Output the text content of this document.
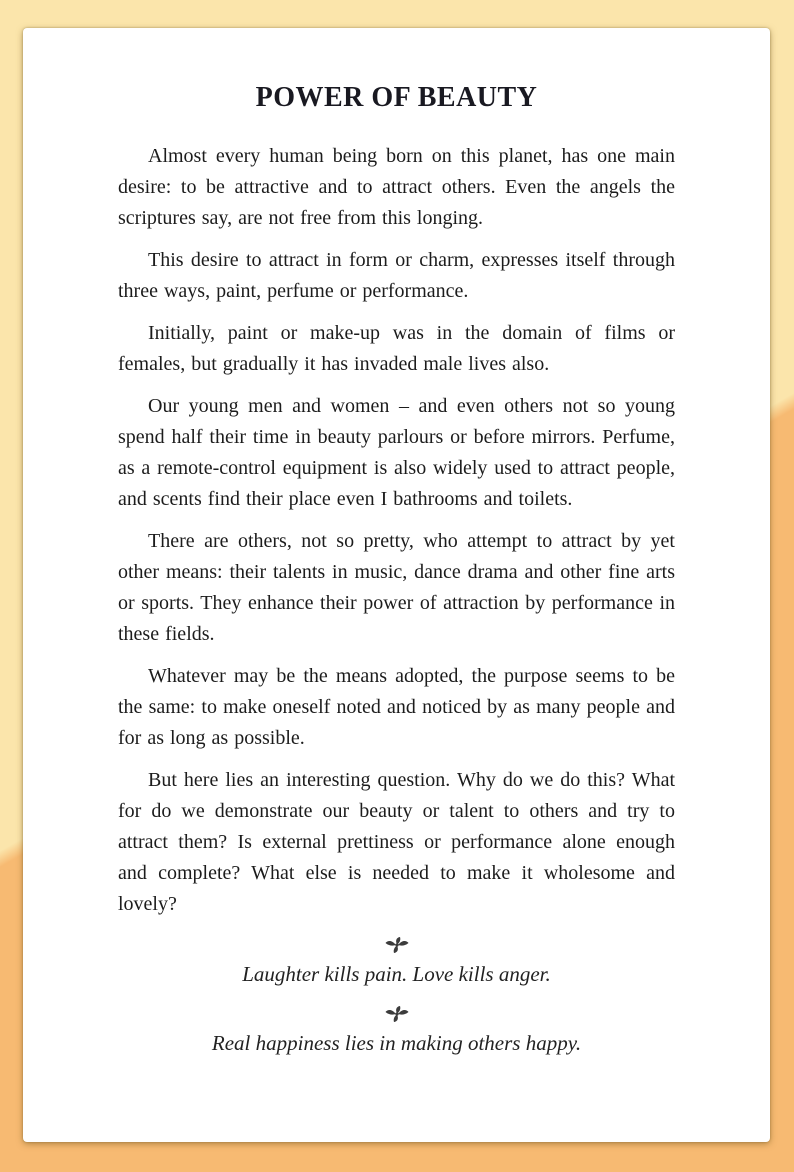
POWER OF BEAUTY

Almost every human being born on this planet, has one main desire: to be attractive and to attract others. Even the angels the scriptures say, are not free from this longing.

This desire to attract in form or charm, expresses itself through three ways, paint, perfume or performance.

Initially, paint or make-up was in the domain of films or females, but gradually it has invaded male lives also.

Our young men and women – and even others not so young spend half their time in beauty parlours or before mirrors. Perfume, as a remote-control equipment is also widely used to attract people, and scents find their place even I bathrooms and toilets.

There are others, not so pretty, who attempt to attract by yet other means: their talents in music, dance drama and other fine arts or sports. They enhance their power of attraction by performance in these fields.

Whatever may be the means adopted, the purpose seems to be the same: to make oneself noted and noticed by as many people and for as long as possible.

But here lies an interesting question. Why do we do this? What for do we demonstrate our beauty or talent to others and try to attract them? Is external prettiness or performance alone enough and complete? What else is needed to make it wholesome and lovely?

Laughter kills pain. Love kills anger.

Real happiness lies in making others happy.
